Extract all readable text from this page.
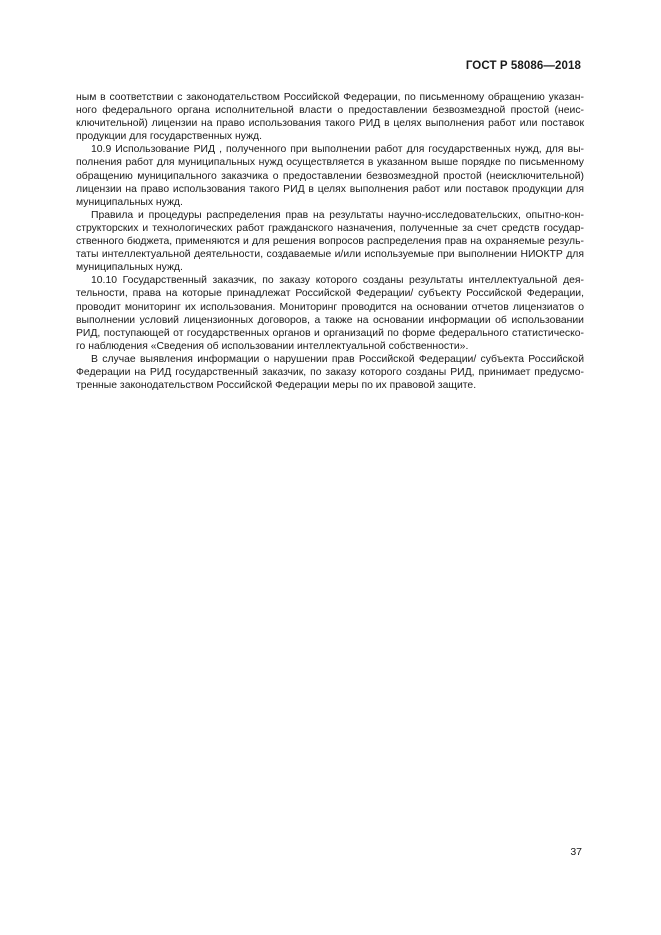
ГОСТ Р 58086—2018
ным в соответствии с законодательством Российской Федерации, по письменному обращению указан-
ного федерального органа исполнительной власти о предоставлении безвозмездной простой (неис-
ключительной) лицензии на право использования такого РИД в целях выполнения работ или поставок
продукции для государственных нужд.
10.9 Использование РИД , полученного при выполнении работ для государственных нужд, для вы-
полнения работ для муниципальных нужд осуществляется в указанном выше порядке по письменному
обращению муниципального заказчика о предоставлении безвозмездной простой (неисключительной)
лицензии на право использования такого РИД в целях выполнения работ или поставок продукции для
муниципальных нужд.
Правила и процедуры распределения прав на результаты научно-исследовательских, опытно-кон-
структорских и технологических работ гражданского назначения, полученные за счет средств государ-
ственного бюджета, применяются и для решения вопросов распределения прав на охраняемые резуль-
таты интеллектуальной деятельности, создаваемые и/или используемые при выполнении НИОКТР для
муниципальных нужд.
10.10 Государственный заказчик, по заказу которого созданы результаты интеллектуальной дея-
тельности, права на которые принадлежат Российской Федерации/ субъекту Российской Федерации,
проводит мониторинг их использования. Мониторинг проводится на основании отчетов лицензиатов о
выполнении условий лицензионных договоров, а также на основании информации об использовании
РИД, поступающей от государственных органов и организаций по форме федерального статистическо-
го наблюдения «Сведения об использовании интеллектуальной собственности».
В случае выявления информации о нарушении прав Российской Федерации/ субъекта Российской
Федерации на РИД государственный заказчик, по заказу которого созданы РИД, принимает предусмо-
тренные законодательством Российской Федерации меры по их правовой защите.
37
